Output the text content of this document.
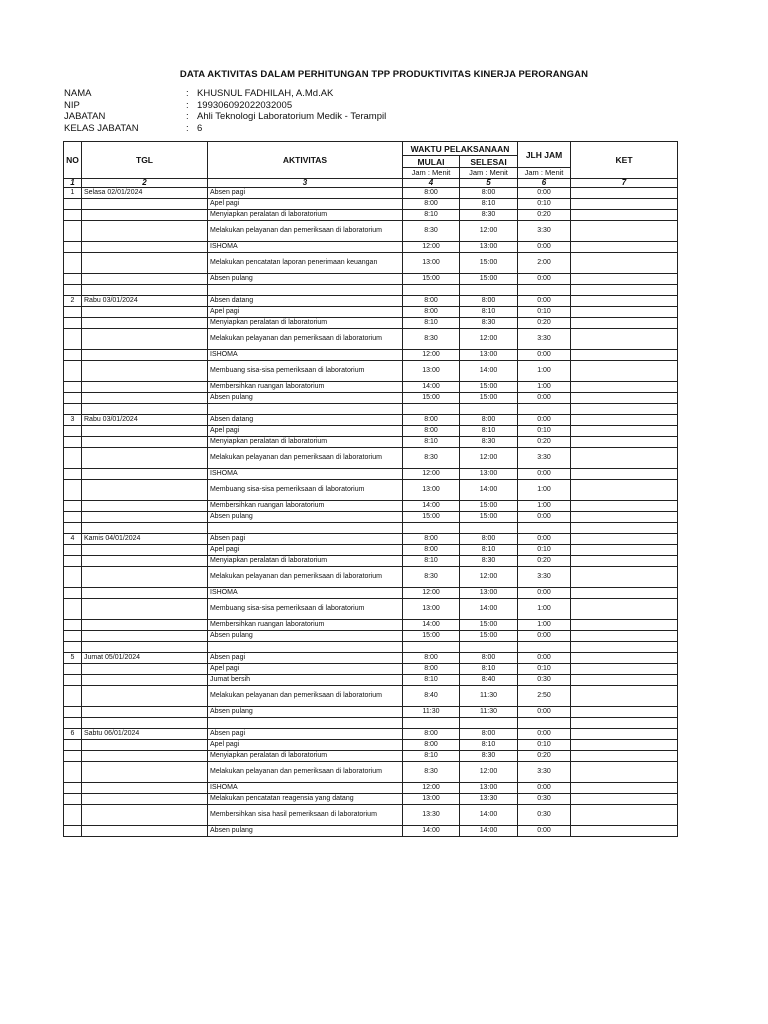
DATA AKTIVITAS DALAM PERHITUNGAN TPP PRODUKTIVITAS KINERJA PERORANGAN
NAMA	: KHUSNUL FADHILAH, A.Md.AK
NIP	: 199306092022032005
JABATAN	: Ahli Teknologi Laboratorium Medik - Terampil
KELAS JABATAN	: 6
NO	TGL	AKTIVITAS	WAKTU PELAKSANAAN		JLH JAM	KET
			MULAI	SELESAI		
			Jam : Menit	Jam : Menit	Jam : Menit	
1	2	3	4	5	6	7
1	Selasa 02/01/2024	Absen pagi	8:00	8:00	0:00	
		Apel pagi	8:00	8:10	0:10	
		Menyiapkan peralatan di laboratorium	8:10	8:30	0:20	
		Melakukan pelayanan dan pemeriksaan di laboratorium	8:30	12:00	3:30	
		ISHOMA	12:00	13:00	0:00	
		Melakukan pencatatan laporan penerimaan keuangan	13:00	15:00	2:00	
		Absen pulang	15:00	15:00	0:00	

2	Rabu 03/01/2024	Absen datang	8:00	8:00	0:00	
		Apel pagi	8:00	8:10	0:10	
		Menyiapkan peralatan di laboratorium	8:10	8:30	0:20	
		Melakukan pelayanan dan pemeriksaan di laboratorium	8:30	12:00	3:30	
		ISHOMA	12:00	13:00	0:00	
		Membuang sisa-sisa pemeriksaan di laboratorium	13:00	14:00	1:00	
		Membersihkan ruangan laboratorium	14:00	15:00	1:00	
		Absen pulang	15:00	15:00	0:00	

3	Rabu 03/01/2024	Absen datang	8:00	8:00	0:00	
		Apel pagi	8:00	8:10	0:10	
		Menyiapkan peralatan di laboratorium	8:10	8:30	0:20	
		Melakukan pelayanan dan pemeriksaan di laboratorium	8:30	12:00	3:30	
		ISHOMA	12:00	13:00	0:00	
		Membuang sisa-sisa pemeriksaan di laboratorium	13:00	14:00	1:00	
		Membersihkan ruangan laboratorium	14:00	15:00	1:00	
		Absen pulang	15:00	15:00	0:00	

4	Kamis 04/01/2024	Absen pagi	8:00	8:00	0:00	
		Apel pagi	8:00	8:10	0:10	
		Menyiapkan peralatan di laboratorium	8:10	8:30	0:20	
		Melakukan pelayanan dan pemeriksaan di laboratorium	8:30	12:00	3:30	
		ISHOMA	12:00	13:00	0:00	
		Membuang sisa-sisa pemeriksaan di laboratorium	13:00	14:00	1:00	
		Membersihkan ruangan laboratorium	14:00	15:00	1:00	
		Absen pulang	15:00	15:00	0:00	

5	Jumat 05/01/2024	Absen pagi	8:00	8:00	0:00	
		Apel pagi	8:00	8:10	0:10	
		Jumat bersih	8:10	8:40	0:30	
		Melakukan pelayanan dan pemeriksaan di laboratorium	8:40	11:30	2:50	
		Absen pulang	11:30	11:30	0:00	

6	Sabtu 06/01/2024	Absen pagi	8:00	8:00	0:00	
		Apel pagi	8:00	8:10	0:10	
		Menyiapkan peralatan di laboratorium	8:10	8:30	0:20	
		Melakukan pelayanan dan pemeriksaan di laboratorium	8:30	12:00	3:30	
		ISHOMA	12:00	13:00	0:00	
		Melakukan pencatatan reagensia yang datang	13:00	13:30	0:30	
		Membersihkan sisa hasil pemeriksaan di laboratorium	13:30	14:00	0:30	
		Absen pulang	14:00	14:00	0:00	
